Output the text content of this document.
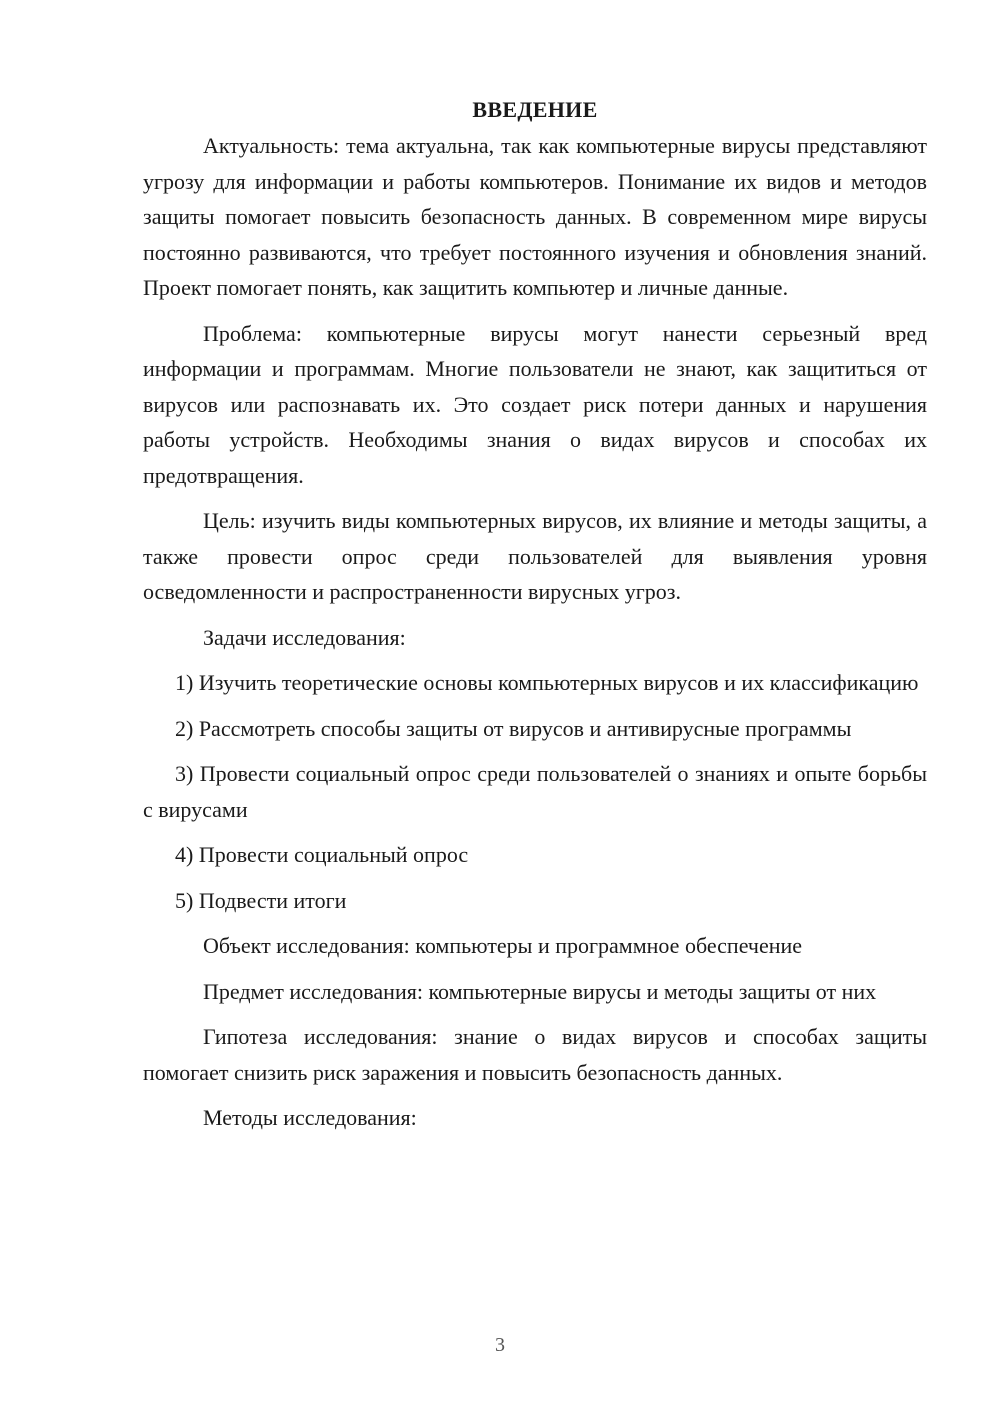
ВВЕДЕНИЕ

Актуальность: тема актуальна, так как компьютерные вирусы представляют угрозу для информации и работы компьютеров. Понимание их видов и методов защиты помогает повысить безопасность данных. В современном мире вирусы постоянно развиваются, что требует постоянного изучения и обновления знаний. Проект помогает понять, как защитить компьютер и личные данные.

Проблема: компьютерные вирусы могут нанести серьезный вред информации и программам. Многие пользователи не знают, как защититься от вирусов или распознавать их. Это создает риск потери данных и нарушения работы устройств. Необходимы знания о видах вирусов и способах их предотвращения.

Цель: изучить виды компьютерных вирусов, их влияние и методы защиты, а также провести опрос среди пользователей для выявления уровня осведомленности и распространенности вирусных угроз.

Задачи исследования:

1) Изучить теоретические основы компьютерных вирусов и их классификацию

2) Рассмотреть способы защиты от вирусов и антивирусные программы

3) Провести социальный опрос среди пользователей о знаниях и опыте борьбы с вирусами

4) Провести социальный опрос

5) Подвести итоги

Объект исследования: компьютеры и программное обеспечение

Предмет исследования: компьютерные вирусы и методы защиты от них

Гипотеза исследования: знание о видах вирусов и способах защиты помогает снизить риск заражения и повысить безопасность данных.

Методы исследования:

3
